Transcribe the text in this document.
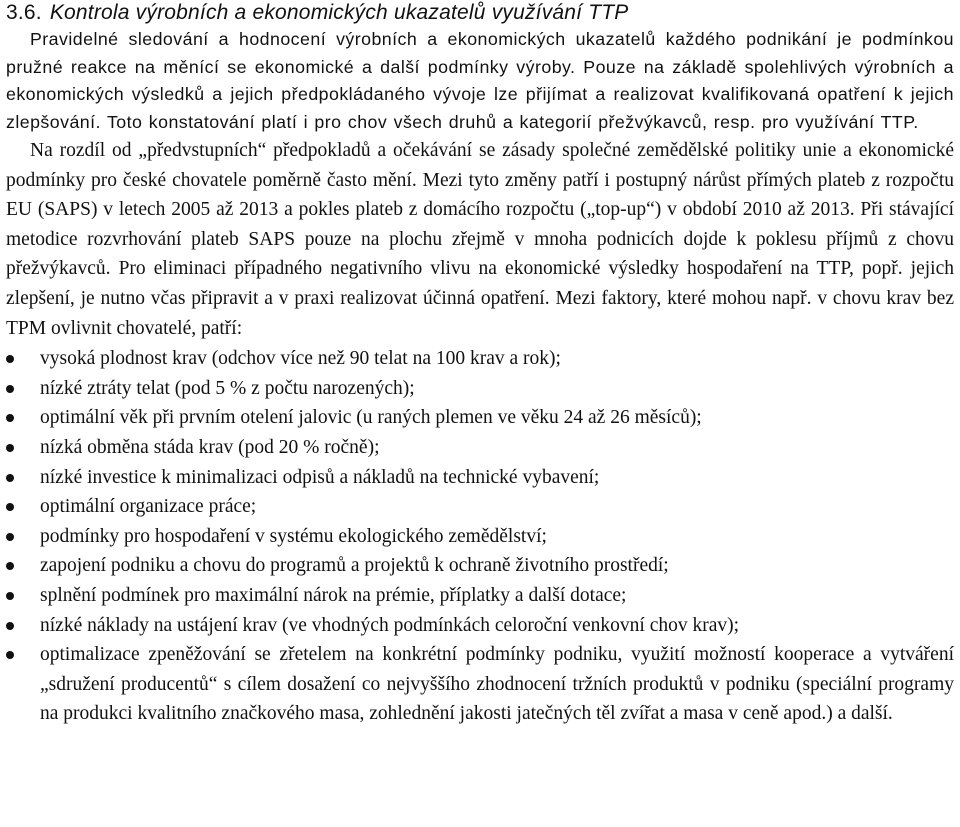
3.6. Kontrola výrobních a ekonomických ukazatelů využívání TTP

Pravidelné sledování a hodnocení výrobních a ekonomických ukazatelů každého podnikání je podmínkou pružné reakce na měnící se ekonomické a další podmínky výroby. Pouze na základě spolehlivých výrobních a ekonomických výsledků a jejich předpokládaného vývoje lze přijímat a realizovat kvalifikovaná opatření k jejich zlepšování. Toto konstatování platí i pro chov všech druhů a kategorií přežvýkavců, resp. pro využívání TTP.

Na rozdíl od „předvstupních“ předpokladů a očekávání se zásady společné zemědělské politiky unie a ekonomické podmínky pro české chovatele poměrně často mění. Mezi tyto změny patří i postupný nárůst přímých plateb z rozpočtu EU (SAPS) v letech 2005 až 2013 a pokles plateb z domácího rozpočtu („top-up“) v období 2010 až 2013. Při stávající metodice rozvrhování plateb SAPS pouze na plochu zřejmě v mnoha podnicích dojde k poklesu příjmů z chovu přežvýkavců. Pro eliminaci případného negativního vlivu na ekonomické výsledky hospodaření na TTP, popř. jejich zlepšení, je nutno včas připravit a v praxi realizovat účinná opatření. Mezi faktory, které mohou např. v chovu krav bez TPM ovlivnit chovatelé, patří:

vysoká plodnost krav (odchov více než 90 telat na 100 krav a rok);
nízké ztráty telat (pod 5 % z počtu narozených);
optimální věk při prvním otelení jalovic (u raných plemen ve věku 24 až 26 měsíců);
nízká obměna stáda krav (pod 20 % ročně);
nízké investice k minimalizaci odpisů a nákladů na technické vybavení;
optimální organizace práce;
podmínky pro hospodaření v systému ekologického zemědělství;
zapojení podniku a chovu do programů a projektů k ochraně životního prostředí;
splnění podmínek pro maximální nárok na prémie, příplatky a další dotace;
nízké náklady na ustájení krav (ve vhodných podmínkách celoroční venkovní chov krav);
optimalizace zpeněžování se zřetelem na konkrétní podmínky podniku, využití možností kooperace a vytváření „sdružení producentů“ s cílem dosažení co nejvyššího zhodnocení tržních produktů v podniku (speciální programy na produkci kvalitního značkového masa, zohlednění jakosti jatečných těl zvířat a masa v ceně apod.) a další.
